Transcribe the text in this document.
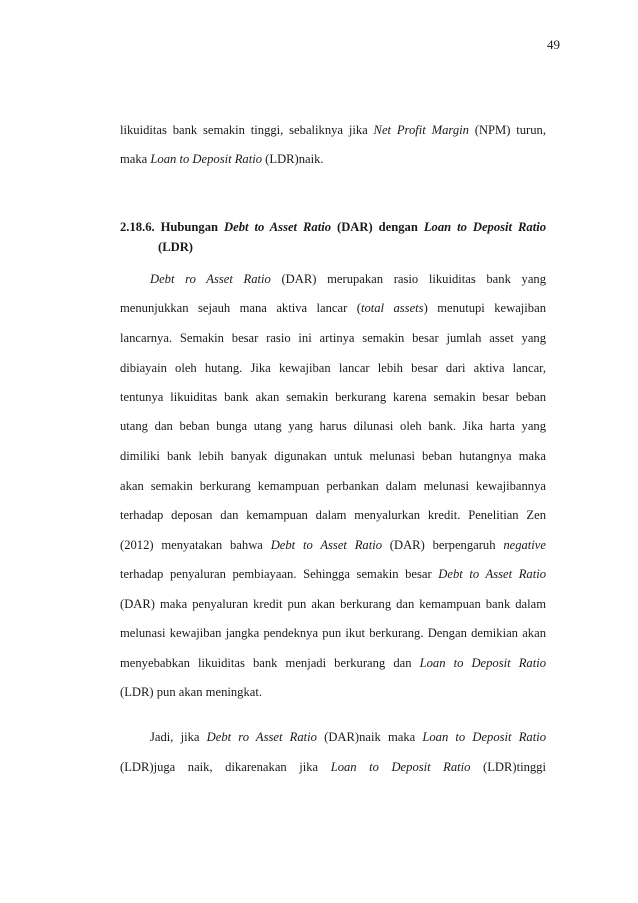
49
likuiditas bank semakin tinggi, sebaliknya jika Net Profit Margin (NPM) turun,
maka Loan to Deposit Ratio (LDR)naik.
2.18.6. Hubungan Debt to Asset Ratio (DAR) dengan Loan to Deposit Ratio
(LDR)
Debt ro Asset Ratio (DAR) merupakan rasio likuiditas bank yang
menunjukkan sejauh mana aktiva lancar (total assets) menutupi kewajiban
lancarnya. Semakin besar rasio ini artinya semakin besar jumlah asset yang
dibiayain oleh hutang. Jika kewajiban lancar lebih besar dari aktiva lancar,
tentunya likuiditas bank akan semakin berkurang karena semakin besar beban
utang dan beban bunga utang yang harus dilunasi oleh bank. Jika harta yang
dimiliki bank lebih banyak digunakan untuk melunasi beban hutangnya maka
akan semakin berkurang kemampuan perbankan dalam melunasi kewajibannya
terhadap deposan dan kemampuan dalam menyalurkan kredit. Penelitian Zen
(2012) menyatakan bahwa Debt to Asset Ratio (DAR) berpengaruh negative
terhadap penyaluran pembiayaan. Sehingga semakin besar Debt to Asset Ratio
(DAR) maka penyaluran kredit pun akan berkurang dan kemampuan bank dalam
melunasi kewajiban jangka pendeknya pun ikut berkurang. Dengan demikian akan
menyebabkan likuiditas bank menjadi berkurang dan Loan to Deposit Ratio
(LDR) pun akan meningkat.
Jadi, jika Debt ro Asset Ratio (DAR)naik maka Loan to Deposit Ratio
(LDR)juga naik, dikarenakan jika Loan to Deposit Ratio (LDR)tinggi
